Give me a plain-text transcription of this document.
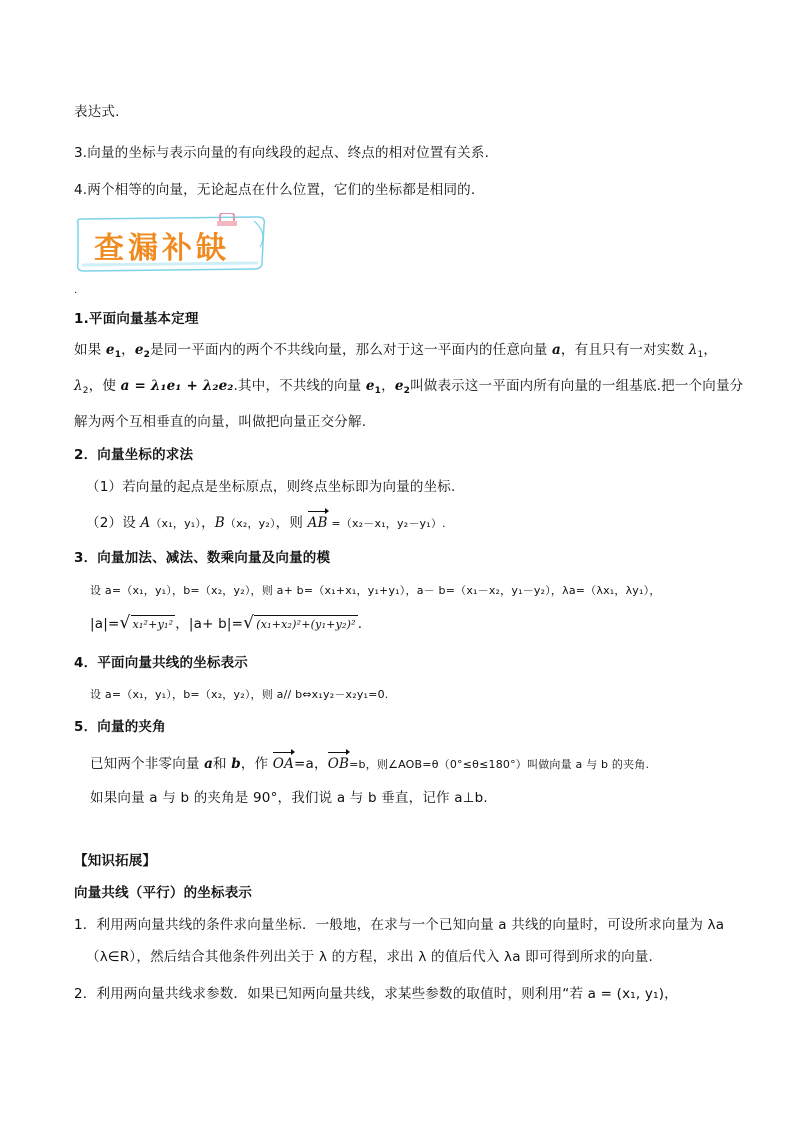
表达式.
3.向量的坐标与表示向量的有向线段的起点、终点的相对位置有关系.
4.两个相等的向量，无论起点在什么位置，它们的坐标都是相同的.
查漏补缺
.
1.平面向量基本定理
如果 $e_1$，$e_2$是同一平面内的两个不共线向量，那么对于这一平面内的任意向量 a，有且只有一对实数 $\lambda_1$，
$\lambda_2$，使 a = λ₁e₁ + λ₂e₂.其中，不共线的向量 $e_1$，$e_2$叫做表示这一平面内所有向量的一组基底.把一个向量分
解为两个互相垂直的向量，叫做把向量正交分解.
2．向量坐标的求法
（1）若向量的起点是坐标原点，则终点坐标即为向量的坐标.
（2）设 A（x₁，y₁），B（x₂，y₂），则 AB =（x₂－x₁，y₂－y₁）.
3．向量加法、减法、数乘向量及向量的模
设 a=（x₁，y₁），b=（x₂，y₂），则 a+ b=（x₁+x₁，y₁+y₁），a－ b=（x₁－x₂，y₁－y₂），λa=（λx₁，λy₁），
|a|=√ x₁²+y₁² ，|a+ b|=√ (x₁+x₂)²+(y₁+y₂)² .
4．平面向量共线的坐标表示
设 a=（x₁，y₁），b=（x₂，y₂），则 a// b⇔x₁y₂－x₂y₁=0.
5．向量的夹角
已知两个非零向量 a和 b，作 OA=a，OB=b，则∠AOB=θ（0°≤θ≤180°）叫做向量 a 与 b 的夹角.
如果向量 a 与 b 的夹角是 90°，我们说 a 与 b 垂直，记作 a⊥b.
【知识拓展】
向量共线（平行）的坐标表示
1．利用两向量共线的条件求向量坐标．一般地，在求与一个已知向量 a 共线的向量时，可设所求向量为 λa
（λ∈R），然后结合其他条件列出关于 λ 的方程，求出 λ 的值后代入 λa 即可得到所求的向量.
2．利用两向量共线求参数．如果已知两向量共线，求某些参数的取值时，则利用“若 a = (x₁, y₁)，
